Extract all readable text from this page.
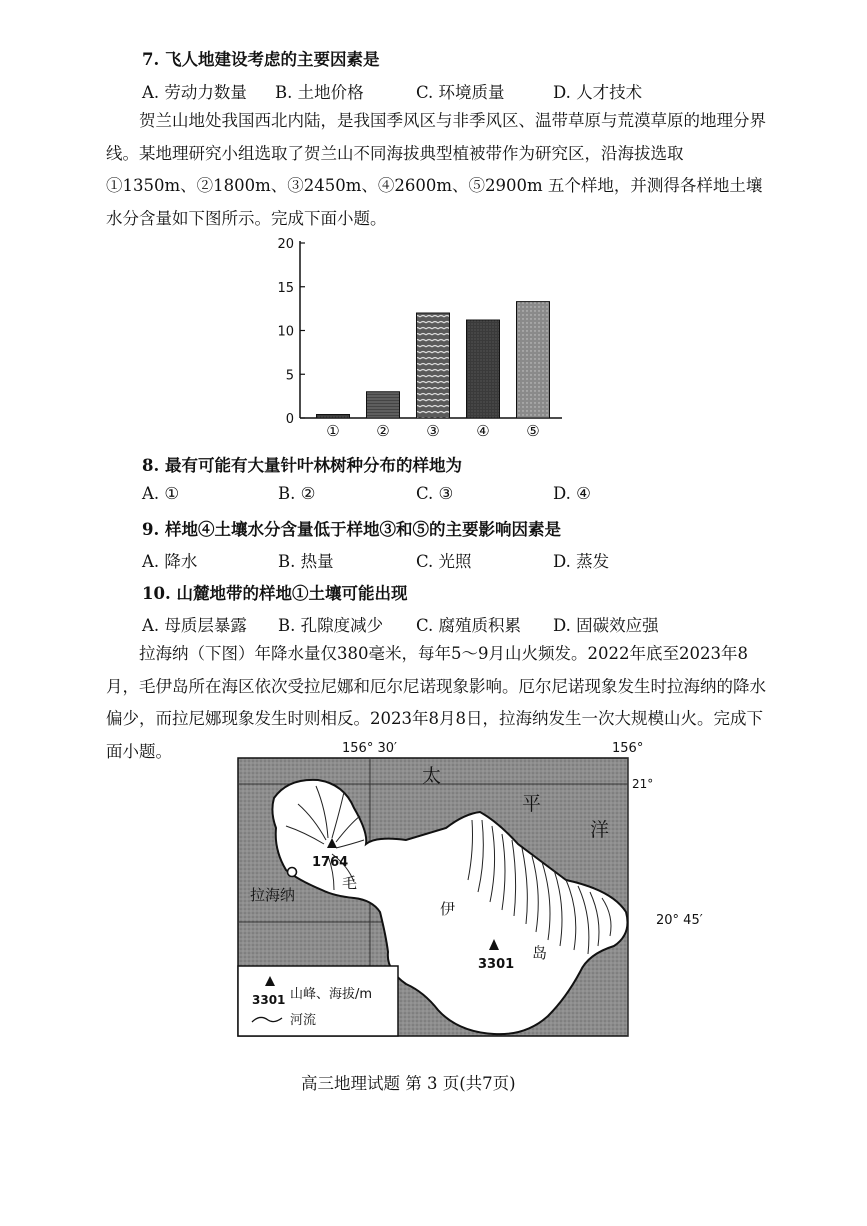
7. 飞人地建设考虑的主要因素是
A. 劳动力数量 B. 土地价格	C. 环境质量	D. 人才技术
贺兰山地处我国西北内陆，是我国季风区与非季风区、温带草原与荒漠草原的地理分界线。某地理研究小组选取了贺兰山不同海拔典型植被带作为研究区，沿海拔选取①1350m、②1800m、③2450m、④2600m、⑤2900m 五个样地，并测得各样地土壤水分含量如下图所示。完成下面小题。
0
5
10
15
20
① ② ③ ④ ⑤
8. 最有可能有大量针叶林树种分布的样地为
A. ①	B. ②	C. ③	D. ④
9. 样地④土壤水分含量低于样地③和⑤的主要影响因素是
A. 降水	B. 热量	C. 光照	D. 蒸发
10. 山麓地带的样地①土壤可能出现
A. 母质层暴露 B. 孔隙度减少 C. 腐殖质积累 D. 固碳效应强
拉海纳（下图）年降水量仅380毫米，每年5～9月山火频发。2022年底至2023年8月，毛伊岛所在海区依次受拉尼娜和厄尔尼诺现象影响。厄尔尼诺现象发生时拉海纳的降水偏少，而拉尼娜现象发生时则相反。2023年8月8日，拉海纳发生一次大规模山火。完成下面小题。	156° 30′	156°
1764
拉海纳
3301
毛
伊
岛
太
平
洋
21°
3301 山峰、海拔/m
河流
20° 45′
高三地理试题 第 3 页(共7页)
